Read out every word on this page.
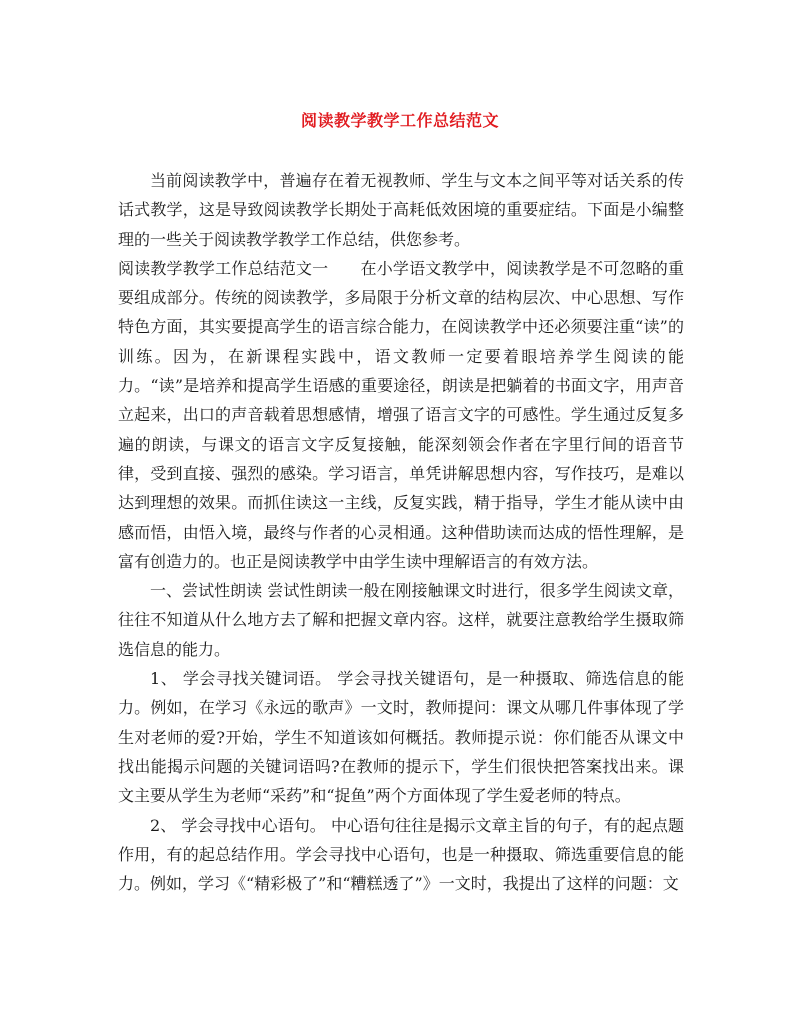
阅读教学教学工作总结范文

当前阅读教学中，普遍存在着无视教师、学生与文本之间平等对话关系的传话式教学，这是导致阅读教学长期处于高耗低效困境的重要症结。下面是小编整理的一些关于阅读教学教学工作总结，供您参考。

阅读教学教学工作总结范文一 在小学语文教学中，阅读教学是不可忽略的重要组成部分。传统的阅读教学，多局限于分析文章的结构层次、中心思想、写作特色方面，其实要提高学生的语言综合能力，在阅读教学中还必须要注重“读”的训练。因为，在新课程实践中，语文教师一定要着眼培养学生阅读的能力。“读”是培养和提高学生语感的重要途径，朗读是把躺着的书面文字，用声音立起来，出口的声音载着思想感情，增强了语言文字的可感性。学生通过反复多遍的朗读，与课文的语言文字反复接触，能深刻领会作者在字里行间的语音节律，受到直接、强烈的感染。学习语言，单凭讲解思想内容，写作技巧，是难以达到理想的效果。而抓住读这一主线，反复实践，精于指导，学生才能从读中由感而悟，由悟入境，最终与作者的心灵相通。这种借助读而达成的悟性理解，是富有创造力的。也正是阅读教学中由学生读中理解语言的有效方法。

一、尝试性朗读 尝试性朗读一般在刚接触课文时进行，很多学生阅读文章，往往不知道从什么地方去了解和把握文章内容。这样，就要注意教给学生摄取筛选信息的能力。

1、 学会寻找关键词语。 学会寻找关键语句，是一种摄取、筛选信息的能力。例如，在学习《永远的歌声》一文时，教师提问：课文从哪几件事体现了学生对老师的爱?开始，学生不知道该如何概括。教师提示说：你们能否从课文中找出能揭示问题的关键词语吗?在教师的提示下，学生们很快把答案找出来。课文主要从学生为老师“采药”和“捉鱼”两个方面体现了学生爱老师的特点。

2、 学会寻找中心语句。 中心语句往往是揭示文章主旨的句子，有的起点题作用，有的起总结作用。学会寻找中心语句，也是一种摄取、筛选重要信息的能力。例如，学习《“精彩极了”和“糟糕透了”》一文时，我提出了这样的问题：文
